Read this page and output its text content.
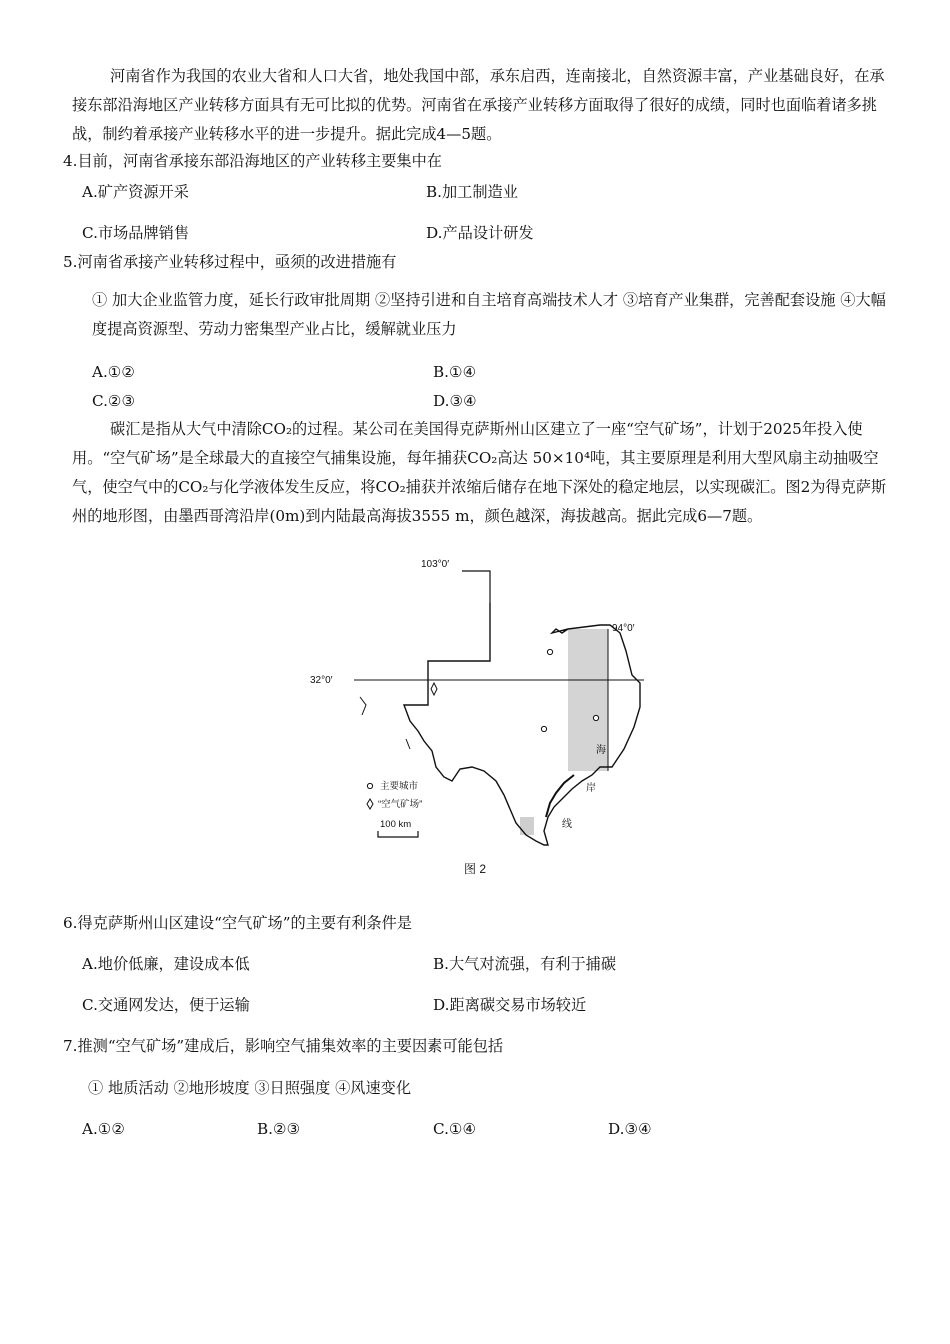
河南省作为我国的农业大省和人口大省，地处我国中部，承东启西，连南接北，自然资源丰富，产业基础良好，在承接东部沿海地区产业转移方面具有无可比拟的优势。河南省在承接产业转移方面取得了很好的成绩，同时也面临着诸多挑战，制约着承接产业转移水平的进一步提升。据此完成4—5题。

4.目前，河南省承接东部沿海地区的产业转移主要集中在

A.矿产资源开采	B.加工制造业

C.市场品牌销售	D.产品设计研发

5.河南省承接产业转移过程中，亟须的改进措施有

① 加大企业监管力度，延长行政审批周期 ②坚持引进和自主培育高端技术人才 ③培育产业集群，完善配套设施 ④大幅度提高资源型、劳动力密集型产业占比，缓解就业压力

A.①②	B.①④

C.②③	D.③④

碳汇是指从大气中清除CO₂的过程。某公司在美国得克萨斯州山区建立了一座“空气矿场”，计划于2025年投入使用。“空气矿场”是全球最大的直接空气捕集设施，每年捕获CO₂高达 50×10⁴吨，其主要原理是利用大型风扇主动抽吸空气，使空气中的CO₂与化学液体发生反应，将CO₂捕获并浓缩后储存在地下深处的稳定地层，以实现碳汇。图2为得克萨斯州的地形图，由墨西哥湾沿岸(0m)到内陆最高海拔3555 m，颜色越深，海拔越高。据此完成6—7题。

103°0′
32°0′
94°0′
海
岸
线
主要城市
“空气矿场”
100 km
图 2

6.得克萨斯州山区建设“空气矿场”的主要有利条件是

A.地价低廉，建设成本低	B.大气对流强，有利于捕碳

C.交通网发达，便于运输	D.距离碳交易市场较近

7.推测“空气矿场”建成后，影响空气捕集效率的主要因素可能包括

① 地质活动 ②地形坡度 ③日照强度 ④风速变化

A.①②	B.②③	C.①④	D.③④
